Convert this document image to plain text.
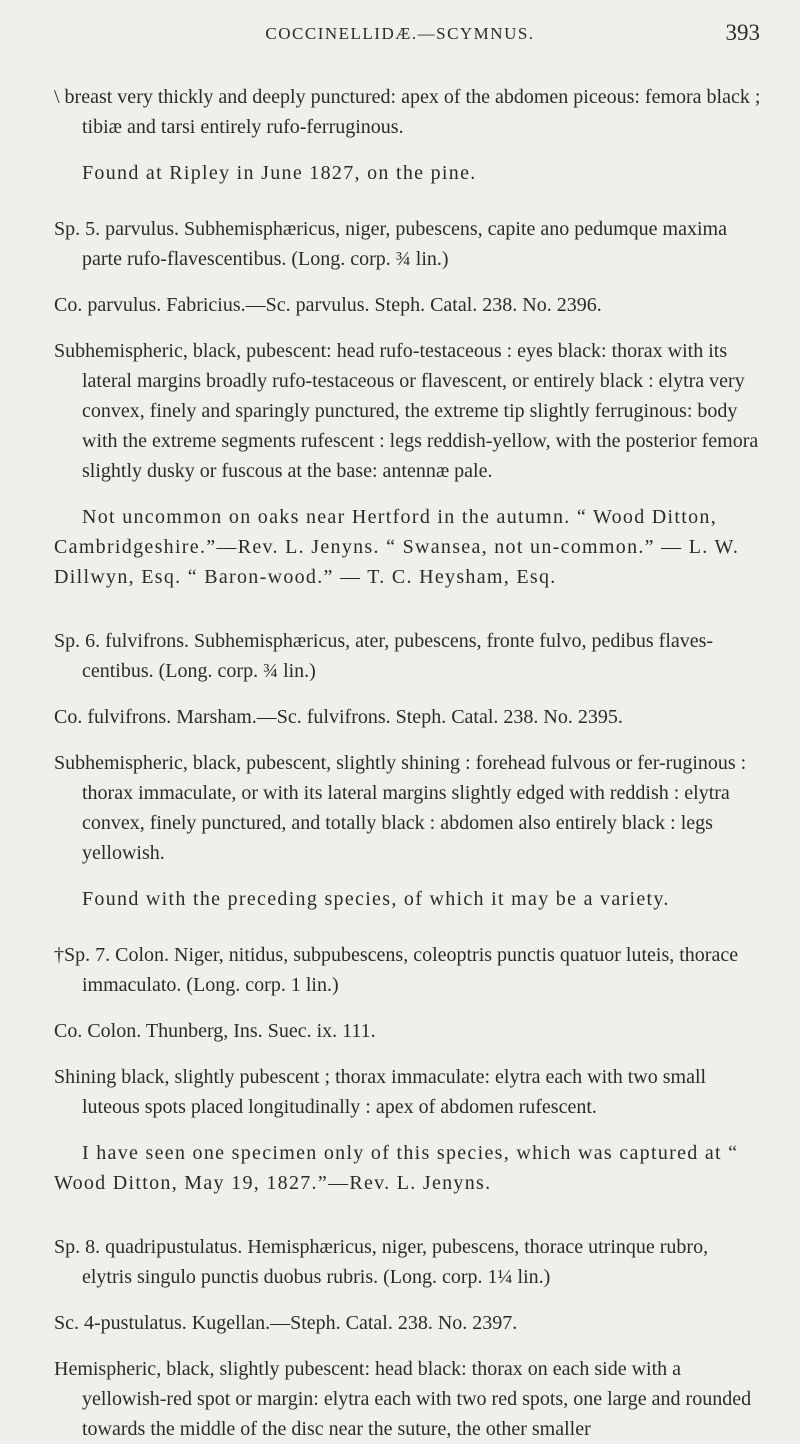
COCCINELLIDÆ.—SCYMNUS.	393

\ breast very thickly and deeply punctured: apex of the abdomen piceous: femora black ; tibiæ and tarsi entirely rufo-ferruginous.

Found at Ripley in June 1827, on the pine.

Sp. 5. parvulus. Subhemisphæricus, niger, pubescens, capite ano pedumque maxima parte rufo-flavescentibus. (Long. corp. ¾ lin.)

Co. parvulus. Fabricius.—Sc. parvulus. Steph. Catal. 238. No. 2396.

Subhemispheric, black, pubescent: head rufo-testaceous : eyes black: thorax with its lateral margins broadly rufo-testaceous or flavescent, or entirely black : elytra very convex, finely and sparingly punctured, the extreme tip slightly ferruginous: body with the extreme segments rufescent : legs reddish-yellow, with the posterior femora slightly dusky or fuscous at the base: antennæ pale.

Not uncommon on oaks near Hertford in the autumn. “ Wood Ditton, Cambridgeshire.”—Rev. L. Jenyns. “ Swansea, not un-common.” — L. W. Dillwyn, Esq. “ Baron-wood.” — T. C. Heysham, Esq.

Sp. 6. fulvifrons. Subhemisphæricus, ater, pubescens, fronte fulvo, pedibus flaves-centibus. (Long. corp. ¾ lin.)

Co. fulvifrons. Marsham.—Sc. fulvifrons. Steph. Catal. 238. No. 2395.

Subhemispheric, black, pubescent, slightly shining : forehead fulvous or fer-ruginous : thorax immaculate, or with its lateral margins slightly edged with reddish : elytra convex, finely punctured, and totally black : abdomen also entirely black : legs yellowish.

Found with the preceding species, of which it may be a variety.

†Sp. 7. Colon. Niger, nitidus, subpubescens, coleoptris punctis quatuor luteis, thorace immaculato. (Long. corp. 1 lin.)

Co. Colon. Thunberg, Ins. Suec. ix. 111.

Shining black, slightly pubescent ; thorax immaculate: elytra each with two small luteous spots placed longitudinally : apex of abdomen rufescent.

I have seen one specimen only of this species, which was captured at “ Wood Ditton, May 19, 1827.”—Rev. L. Jenyns.

Sp. 8. quadripustulatus. Hemisphæricus, niger, pubescens, thorace utrinque rubro, elytris singulo punctis duobus rubris. (Long. corp. 1¼ lin.)

Sc. 4-pustulatus. Kugellan.—Steph. Catal. 238. No. 2397.

Hemispheric, black, slightly pubescent: head black: thorax on each side with a yellowish-red spot or margin: elytra each with two red spots, one large and rounded towards the middle of the disc near the suture, the other smaller
